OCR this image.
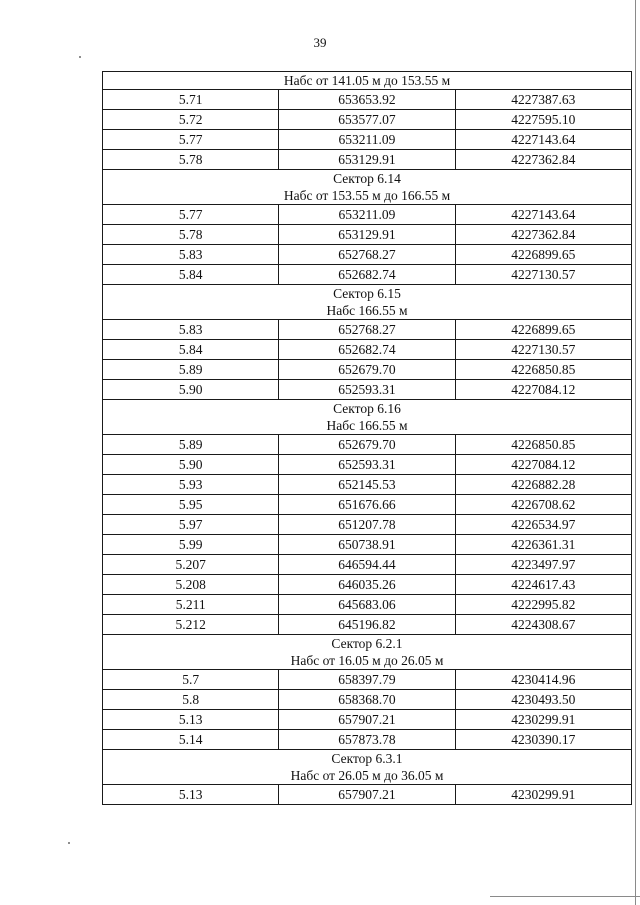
39
Набс от 141.05 м до 153.55 м		

5.71	653653.92	4227387.63
5.72	653577.07	4227595.10
5.77	653211.09	4227143.64
5.78	653129.91	4227362.84

Сектор 6.14
Набс от 153.55 м до 166.55 м		

5.77	653211.09	4227143.64
5.78	653129.91	4227362.84
5.83	652768.27	4226899.65
5.84	652682.74	4227130.57

Сектор 6.15
Набс 166.55 м		

5.83	652768.27	4226899.65
5.84	652682.74	4227130.57
5.89	652679.70	4226850.85
5.90	652593.31	4227084.12

Сектор 6.16
Набс 166.55 м		

5.89	652679.70	4226850.85
5.90	652593.31	4227084.12
5.93	652145.53	4226882.28
5.95	651676.66	4226708.62
5.97	651207.78	4226534.97
5.99	650738.91	4226361.31
5.207	646594.44	4223497.97
5.208	646035.26	4224617.43
5.211	645683.06	4222995.82
5.212	645196.82	4224308.67

Сектор 6.2.1
Набс от 16.05 м до 26.05 м		

5.7	658397.79	4230414.96
5.8	658368.70	4230493.50
5.13	657907.21	4230299.91
5.14	657873.78	4230390.17

Сектор 6.3.1
Набс от 26.05 м до 36.05 м		

5.13	657907.21	4230299.91
